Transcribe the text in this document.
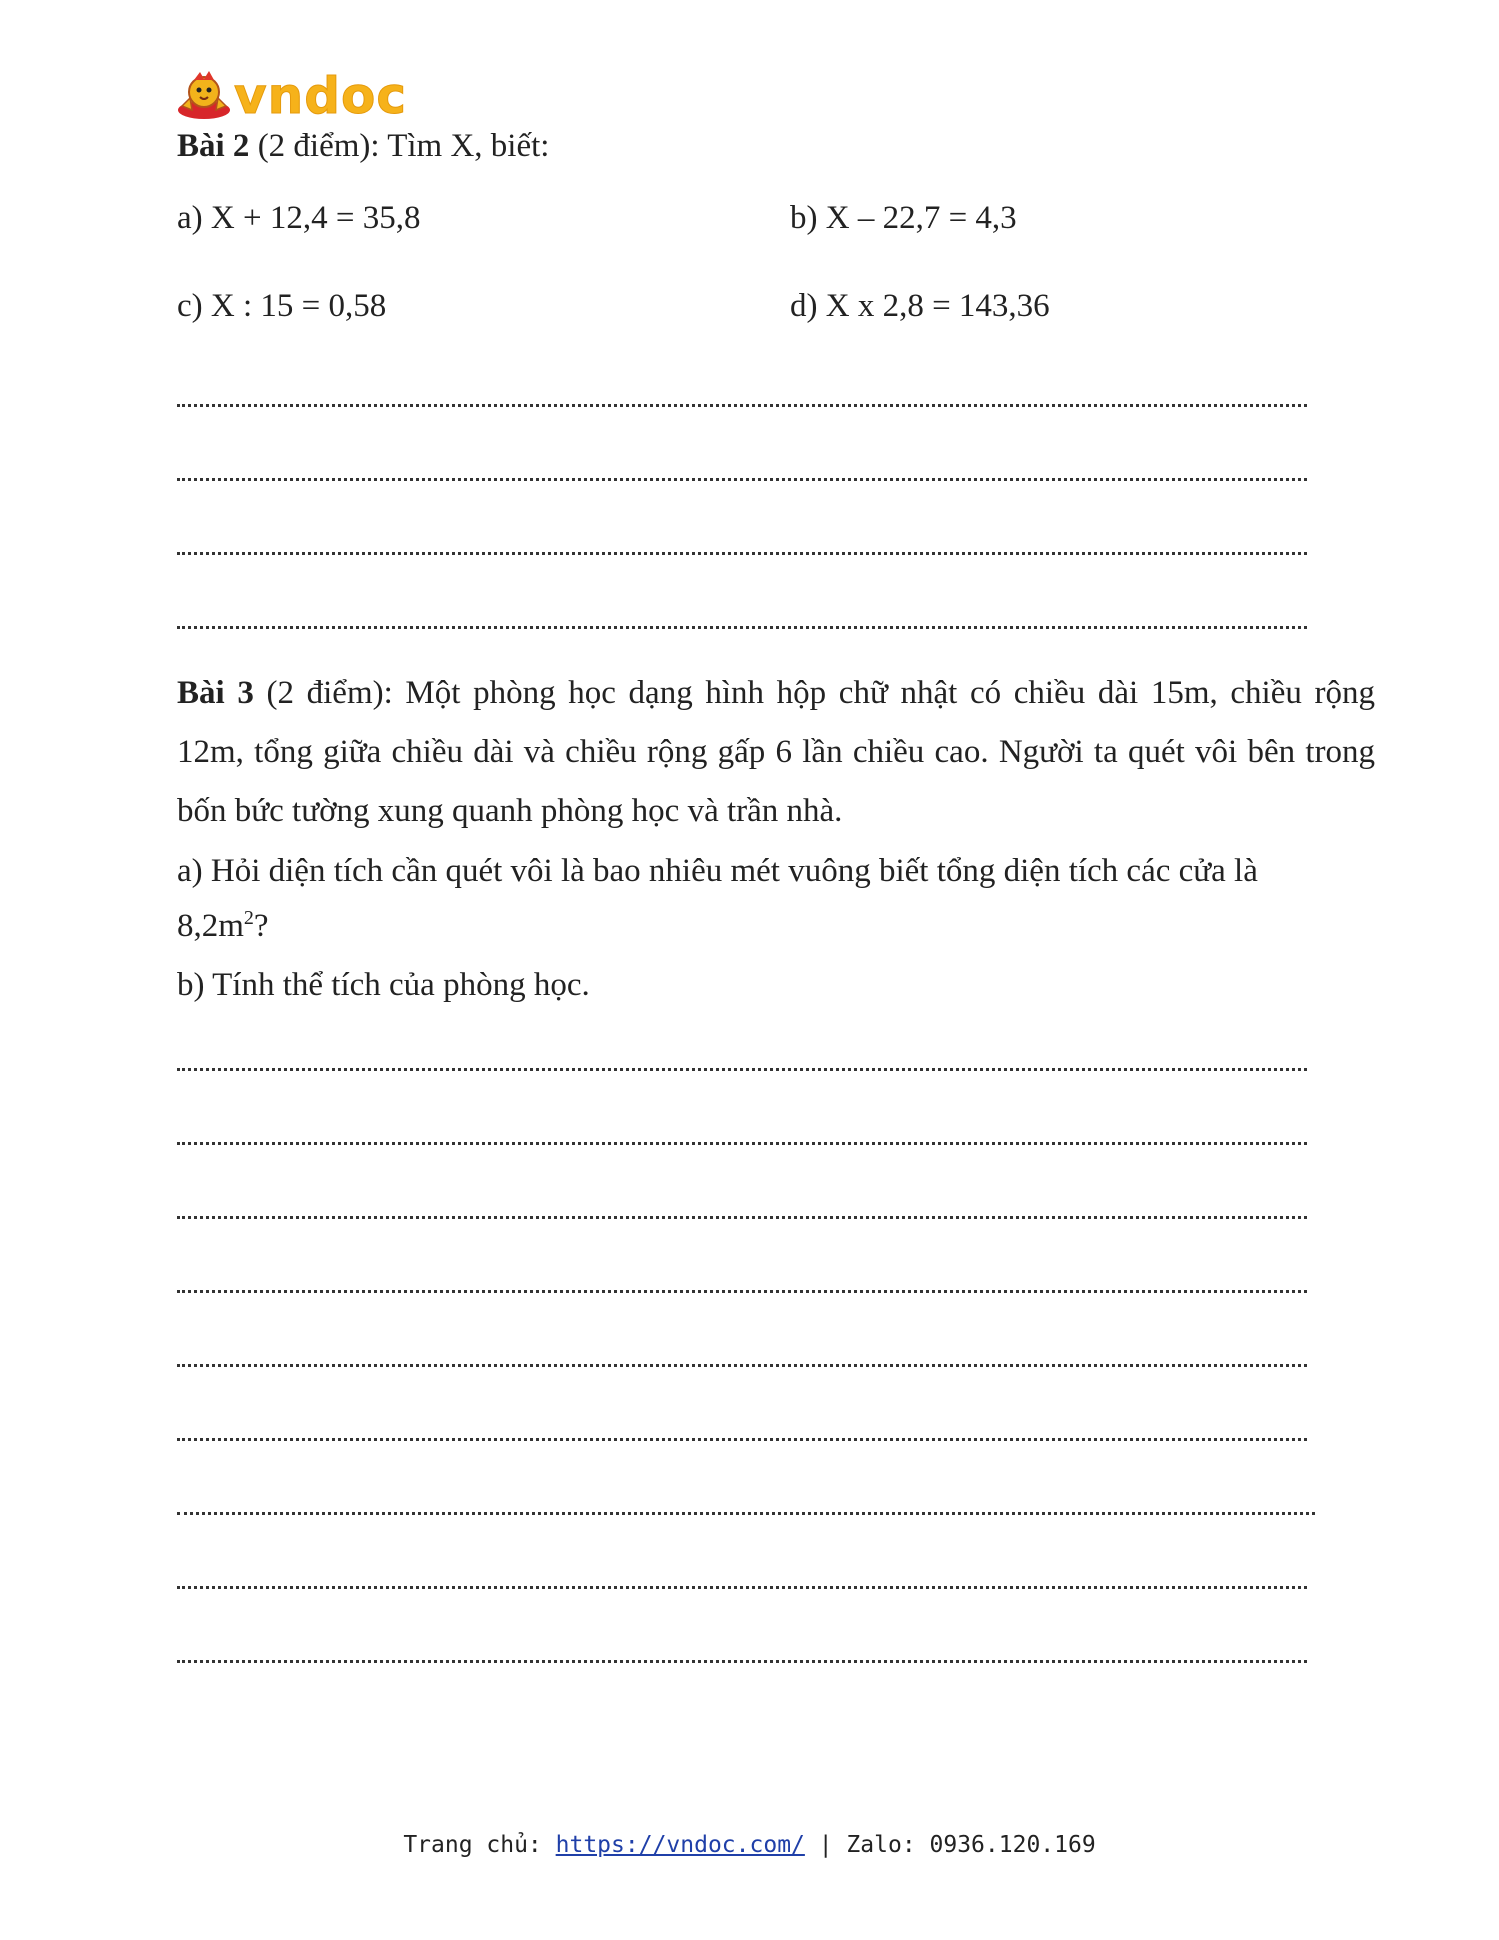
vndoc
Bài 2 (2 điểm): Tìm X, biết:
a) X + 12,4 = 35,8	b) X – 22,7 = 4,3
c) X : 15 = 0,58	d) X x 2,8 = 143,36
Bài 3 (2 điểm): Một phòng học dạng hình hộp chữ nhật có chiều dài 15m, chiều rộng 12m, tổng giữa chiều dài và chiều rộng gấp 6 lần chiều cao. Người ta quét vôi bên trong bốn bức tường xung quanh phòng học và trần nhà.
a) Hỏi diện tích cần quét vôi là bao nhiêu mét vuông biết tổng diện tích các cửa là
$8,2m^2$?
b) Tính thể tích của phòng học.
Trang chủ: https://vndoc.com/ | Zalo: 0936.120.169
